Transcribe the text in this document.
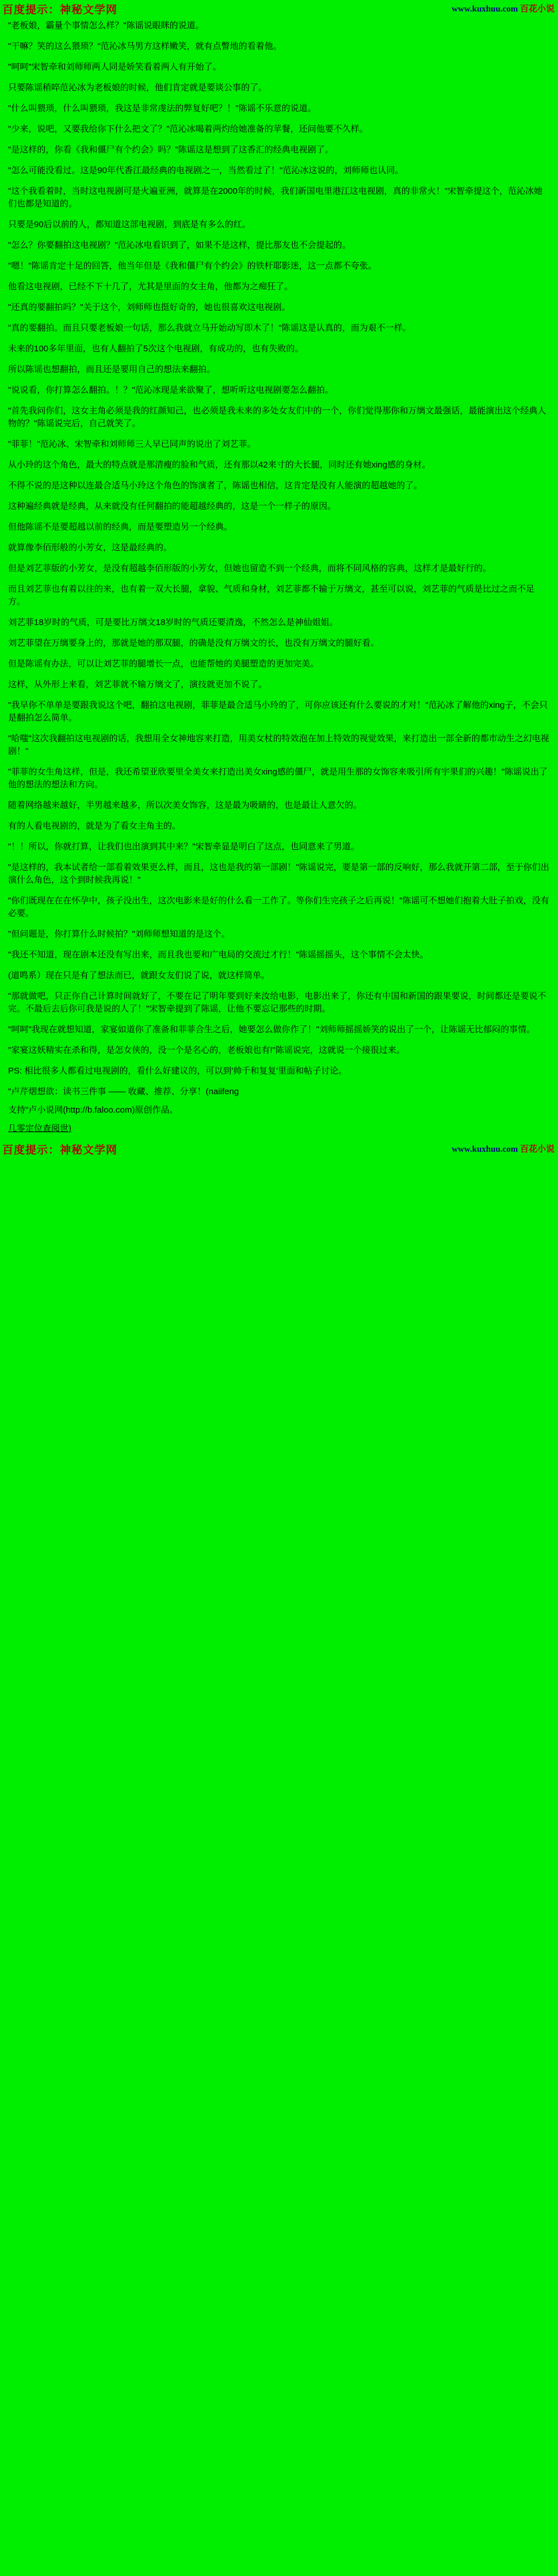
百度提示：神秘文学网	www.kuxhuu.com 百花小说

"老板娘，霸量个事情怎么样？"陈谣说眼眯的说道。

"干嘛？笑的这么猥琐？"范沁冰马男方这样嫩笑，就有点瞥地的看着他。

"呵呵"宋智牵和刘师师两人同是娇笑看着两人有开始了。

只要陈谣稍啐范沁冰为老板娘的时候，他们肯定就是要谈公事的了。

"什么叫猥琐，什么叫猥琐，我这是非常虔法的弊复好吧？！"陈谣不乐意的说道。

"少来，说吧，又要我给你下什么把文了？"范沁冰喝着两灼给她准备的苹餐，还问他要不久样。

"是这样的，你看《我和僵尸有个约会》吗？"陈谣这是想到了这香汇的经典电视剧了。

"怎么可能没看过。这是90年代香江最经典的电视剧之一，当然看过了！"范沁冰这说的，刘师师也认同。

"这个我看着时，当时这电视剧可是火遍亚洲，就算是在2000年的时候，我们新国电里港江这电视剧，真的非常火！"宋智牵提这个，范沁冰她们也都是知道的。

只要是90后以前的人，都知道这部电视剧，到底是有多么的红。

"怎么？你要翻拍这电视剧？"范沁冰电看识到了，如果不是这样，提比那友也不会提起的。

"嗯！"陈谣肯定十足的回答，他当年但是《我和僵尸有个约会》的铁杆耶影迷，这一点都不夸张。

他看这电视剧，已经不下十几了，尤其是里面的女主角，他都为之痴狂了。

"还真的要翻拍吗？"关于这个，刘师师也挺好奇的，她也很喜欢这电视剧。

"真的要翻拍。而且只要老板娘一句话，那么我就立马开始动写即木了！"陈谣这是认真的，而为艰不一样。

未来的100多年里面，也有人翻拍了5次这个电视剧，有成功的，也有失败的。

所以陈谣也想翻拍，而且还是要用自己的想法来翻拍。

"说说看，你打算怎么翻拍。！？"范沁冰现是来欲聚了，想听听这电视剧要怎么翻拍。

"首先我问你们，这女主角必须是我的红颜知己，也必须是我未来的多处女友们中的一个，你们觉得那你和万缡文最强话，最能演出这个经典人物的？"陈谣说完后，自己就笑了。

"菲菲！"范沁冰、宋智牵和刘师师三人早已同声的说出了刘艺菲。

从小玲的这个角色，最大的特点就是那清瘦的脸和气质，还有那以42来寸的大长腿，同时还有她xing感的身材。

不得不说的是这种以连最合适马小玲这个角色的饰演者了，陈谣也相信，这肯定是没有人能演的超越她的了。

这种遍经典就是经典，从来就没有任何翻拍的能超越经典的，这是一个一样子的原因。

但他陈谣不是要超越以前的经典，而是要塑造另一个经典。

就算像李佰形般的小芳女，这是最经典的。

但是刘艺菲版的小芳女，是没有超越李佰形版的小芳女，但她也留造不到一个经典，而将不同风格的容典，这样才是最好行的。

而且刘艺菲也有着以往的来，也有着一双大长腿，拿貌、气质和身材，刘艺菲都不输于万缡文，甚至可以说，刘艺菲的气质是比过之而不足方。

刘艺菲18岁时的气质，可是要比万缡文18岁时的气质还要清逸，不然怎么是神仙姐姐。

刘艺菲望在万缡要身上的，那就是她的那双腿，的确是没有万缡文的长，也没有万缡文的腿好看。

但是陈谣有办法，可以让刘艺菲的腿增长一点，也能帮她的美腿塑造的更加完美。

这样，从外形上来看，刘艺菲就不输万缡文了，演技就更加不说了。

"我早你不单单是要跟我说这个吧，翻拍这电视剧，菲菲是最合适马小玲的了，可你应该还有什么要说的才对！"范沁冰了解他的xing子，不会只是翻拍怎么简单。

"哈嗤"这次我翻拍这电视剧的话，我想用全女神地容来打造，用美女杖的特效泡在加上特效的视觉效果，来打造出一部全新的都市动生之幻电视剧！"

"菲菲的女生角这样，但是，我还希望亚欣要里全美女来打造出美女xing感的僵尸，就是用生那的女饰容来吸引所有宇果们的兴趣！"陈谣说出了他的想法的想法和方向。

随着网络越来越好，半男越来越多，所以次美女饰容，这是最为吸睛的，也是最让人意欠的。

有的人看电视剧的，就是为了看女主角主的。

"！！所以，你就打算，让我们也出演到其中来？"宋智牵显是明白了这点，也同意来了男道。

"是这样的，我本试者给一部看着效果更么样，而且，这也是我的第一部剧！"陈谣说完，要是第一部的反响好，那么我就开第二部，至于你们出演什么角色，这个到时候我再说！"

"你们既现在在在怀孕中，孩子没出生，这次电影来是好的什么看一工作了。等你们生完孩子之后再说！"陈谣可不想她们抱着大肚子拍戏，没有必要。

"但问题是，你打算什么时候拍？"刘师师想知道的是这个。

"我还不知道，现在剧本还没有写出来，而且我也要和广电局的交流过才行！"陈谣摇摇头，这个事情不会太快。

(道鸣系）现在只是有了想法而已，就跟女友们说了说，就这样简单。

"那就做吧，只正你自己计算时间就好了，不要在记了明年要到好来汝给电影，电影出来了，你还有中国和新国的跟果要说，时间都还是要说不完。不最后去后你可我是说的人了！"宋智牵提到了陈谣，让他不要忘记那些的时期。

"呵呵"我现在就想知道，家宴如道你了准备和菲菲合生之后，她要怎么做你作了！"刘师师摇摇娇笑的说出了一个，让陈谣无比郁闷的事情。

"家宴这妖精实在杀和得，是怎女侠的，没一个是名心的，老板娘也有!"陈谣说完，这就说一个接很过来。

PS: 相比很多人都看过电视剧的，看什么好建议的，可以到'帅千和复复'里面和帖子讨论。

"卢芹熠想欲：读书三件事 —— 收藏、推荐、分享！(naiifeng
支持"卢小说网(http://b.faloo.com)原创作品。
几零定位查阅世)
百度提示：神秘文学网	www.kuxhuu.com 百花小说
